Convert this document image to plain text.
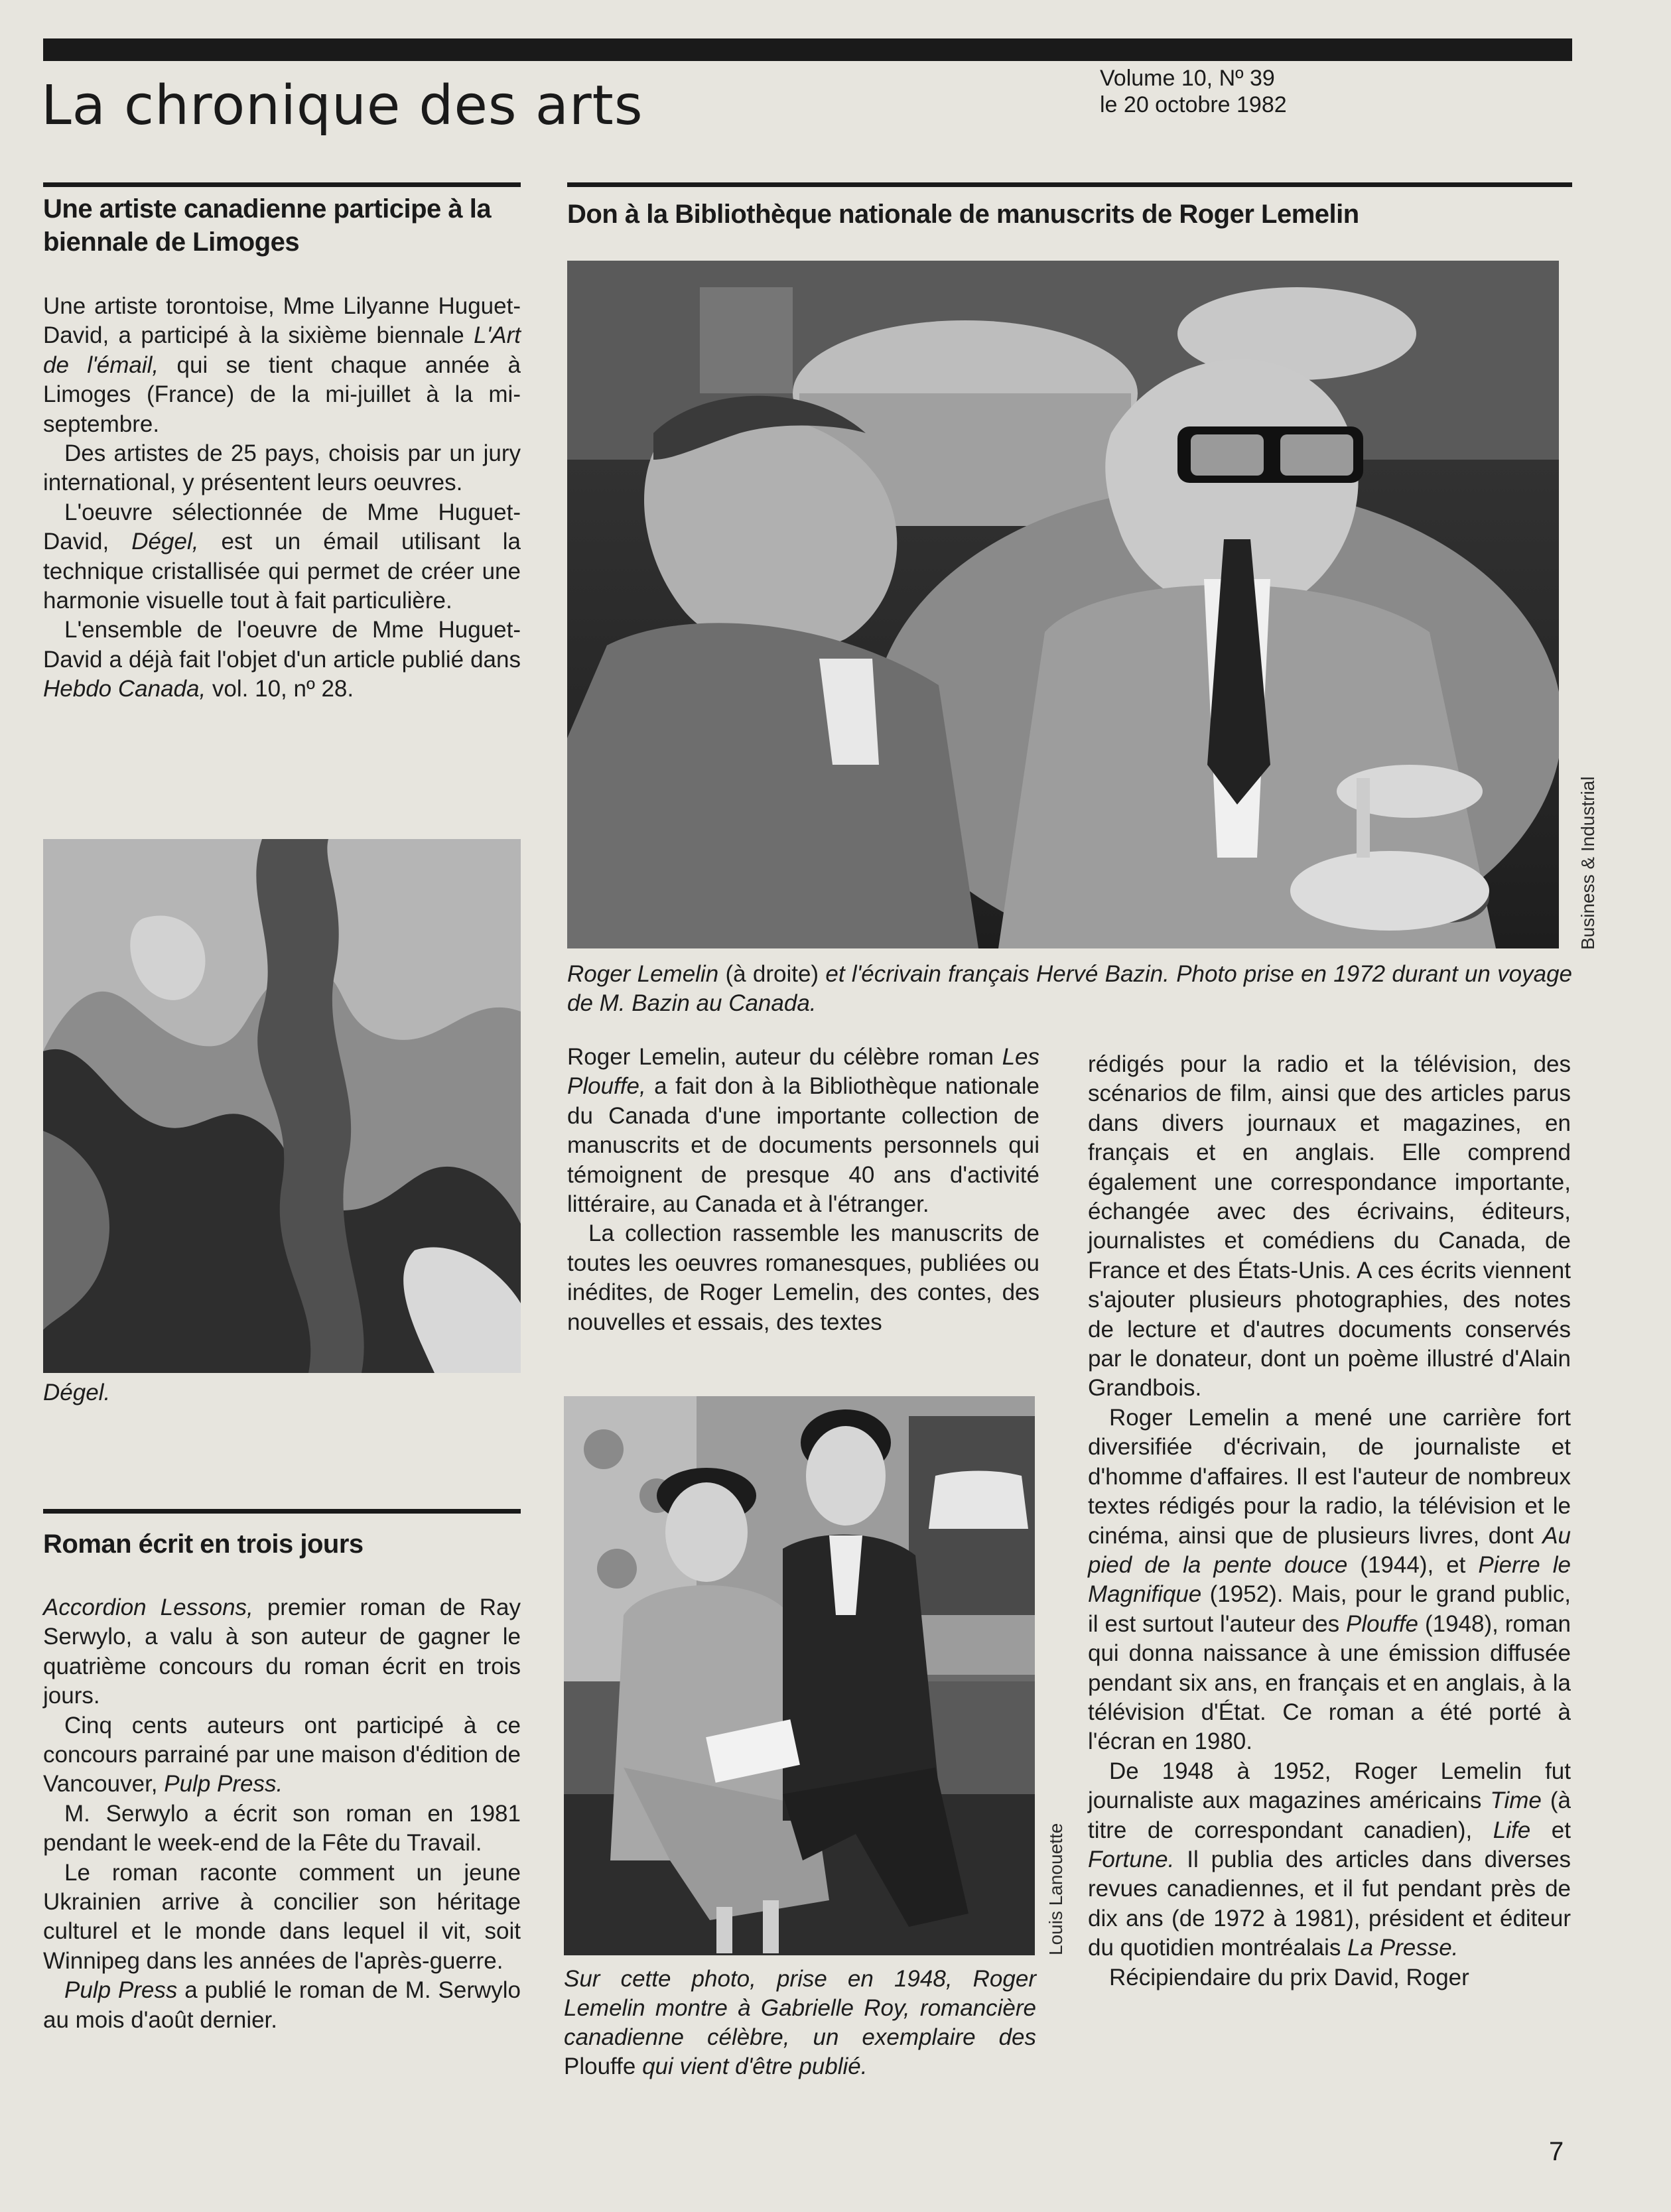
La chronique des arts	Volume 10, Nº 39
le 20 octobre 1982
Une artiste canadienne participe à la biennale de Limoges

Une artiste torontoise, Mme Lilyanne Huguet-David, a participé à la sixième biennale L'Art de l'émail, qui se tient chaque année à Limoges (France) de la mi-juillet à la mi-septembre.

Des artistes de 25 pays, choisis par un jury international, y présentent leurs oeuvres.

L'oeuvre sélectionnée de Mme Huguet-David, Dégel, est un émail utilisant la technique cristallisée qui permet de créer une harmonie visuelle tout à fait particulière.

L'ensemble de l'oeuvre de Mme Huguet-David a déjà fait l'objet d'un article publié dans Hebdo Canada, vol. 10, nº 28.

Dégel.
Roman écrit en trois jours

Accordion Lessons, premier roman de Ray Serwylo, a valu à son auteur de gagner le quatrième concours du roman écrit en trois jours.

Cinq cents auteurs ont participé à ce concours parrainé par une maison d'édition de Vancouver, Pulp Press.

M. Serwylo a écrit son roman en 1981 pendant le week-end de la Fête du Travail.

Le roman raconte comment un jeune Ukrainien arrive à concilier son héritage culturel et le monde dans lequel il vit, soit Winnipeg dans les années de l'après-guerre.

Pulp Press a publié le roman de M. Serwylo au mois d'août dernier.

Don à la Bibliothèque nationale de manuscrits de Roger Lemelin
Business & Industrial
Roger Lemelin (à droite) et l'écrivain français Hervé Bazin. Photo prise en 1972 durant un voyage de M. Bazin au Canada.

Roger Lemelin, auteur du célèbre roman Les Plouffe, a fait don à la Bibliothèque nationale du Canada d'une importante collection de manuscrits et de documents personnels qui témoignent de presque 40 ans d'activité littéraire, au Canada et à l'étranger.

La collection rassemble les manuscrits de toutes les oeuvres romanesques, publiées ou inédites, de Roger Lemelin, des contes, des nouvelles et essais, des textes

Louis Lanouette
Sur cette photo, prise en 1948, Roger Lemelin montre à Gabrielle Roy, romancière canadienne célèbre, un exemplaire des Plouffe qui vient d'être publié.

rédigés pour la radio et la télévision, des scénarios de film, ainsi que des articles parus dans divers journaux et magazines, en français et en anglais. Elle comprend également une correspondance importante, échangée avec des écrivains, éditeurs, journalistes et comédiens du Canada, de France et des États-Unis. A ces écrits viennent s'ajouter plusieurs photographies, des notes de lecture et d'autres documents conservés par le donateur, dont un poème illustré d'Alain Grandbois.

Roger Lemelin a mené une carrière fort diversifiée d'écrivain, de journaliste et d'homme d'affaires. Il est l'auteur de nombreux textes rédigés pour la radio, la télévision et le cinéma, ainsi que de plusieurs livres, dont Au pied de la pente douce (1944), et Pierre le Magnifique (1952). Mais, pour le grand public, il est surtout l'auteur des Plouffe (1948), roman qui donna naissance à une émission diffusée pendant six ans, en français et en anglais, à la télévision d'État. Ce roman a été porté à l'écran en 1980.

De 1948 à 1952, Roger Lemelin fut journaliste aux magazines américains Time (à titre de correspondant canadien), Life et Fortune. Il publia des articles dans diverses revues canadiennes, et il fut pendant près de dix ans (de 1972 à 1981), président et éditeur du quotidien montréalais La Presse.

Récipiendaire du prix David, Roger

7
